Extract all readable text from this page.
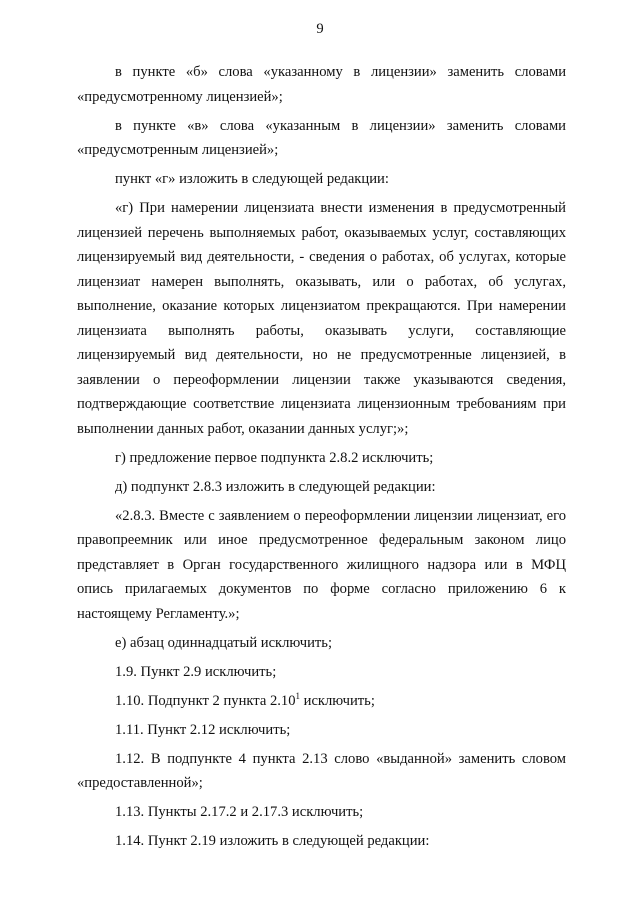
9

в пункте «б» слова «указанному в лицензии» заменить словами «предусмотренному лицензией»;

в пункте «в» слова «указанным в лицензии» заменить словами «предусмотренным лицензией»;

пункт «г» изложить в следующей редакции:

«г) При намерении лицензиата внести изменения в предусмотренный лицензией перечень выполняемых работ, оказываемых услуг, составляющих лицензируемый вид деятельности, - сведения о работах, об услугах, которые лицензиат намерен выполнять, оказывать, или о работах, об услугах, выполнение, оказание которых лицензиатом прекращаются. При намерении лицензиата выполнять работы, оказывать услуги, составляющие лицензируемый вид деятельности, но не предусмотренные лицензией, в заявлении о переоформлении лицензии также указываются сведения, подтверждающие соответствие лицензиата лицензионным требованиям при выполнении данных работ, оказании данных услуг;»;

г) предложение первое подпункта 2.8.2 исключить;

д) подпункт 2.8.3 изложить в следующей редакции:

«2.8.3. Вместе с заявлением о переоформлении лицензии лицензиат, его правопреемник или иное предусмотренное федеральным законом лицо представляет в Орган государственного жилищного надзора или в МФЦ опись прилагаемых документов по форме согласно приложению 6 к настоящему Регламенту.»;

е) абзац одиннадцатый исключить;

1.9. Пункт 2.9 исключить;

1.10. Подпункт 2 пункта 2.10$^1$ исключить;

1.11. Пункт 2.12 исключить;

1.12. В подпункте 4 пункта 2.13 слово «выданной» заменить словом «предоставленной»;

1.13. Пункты 2.17.2 и 2.17.3 исключить;

1.14. Пункт 2.19 изложить в следующей редакции:
